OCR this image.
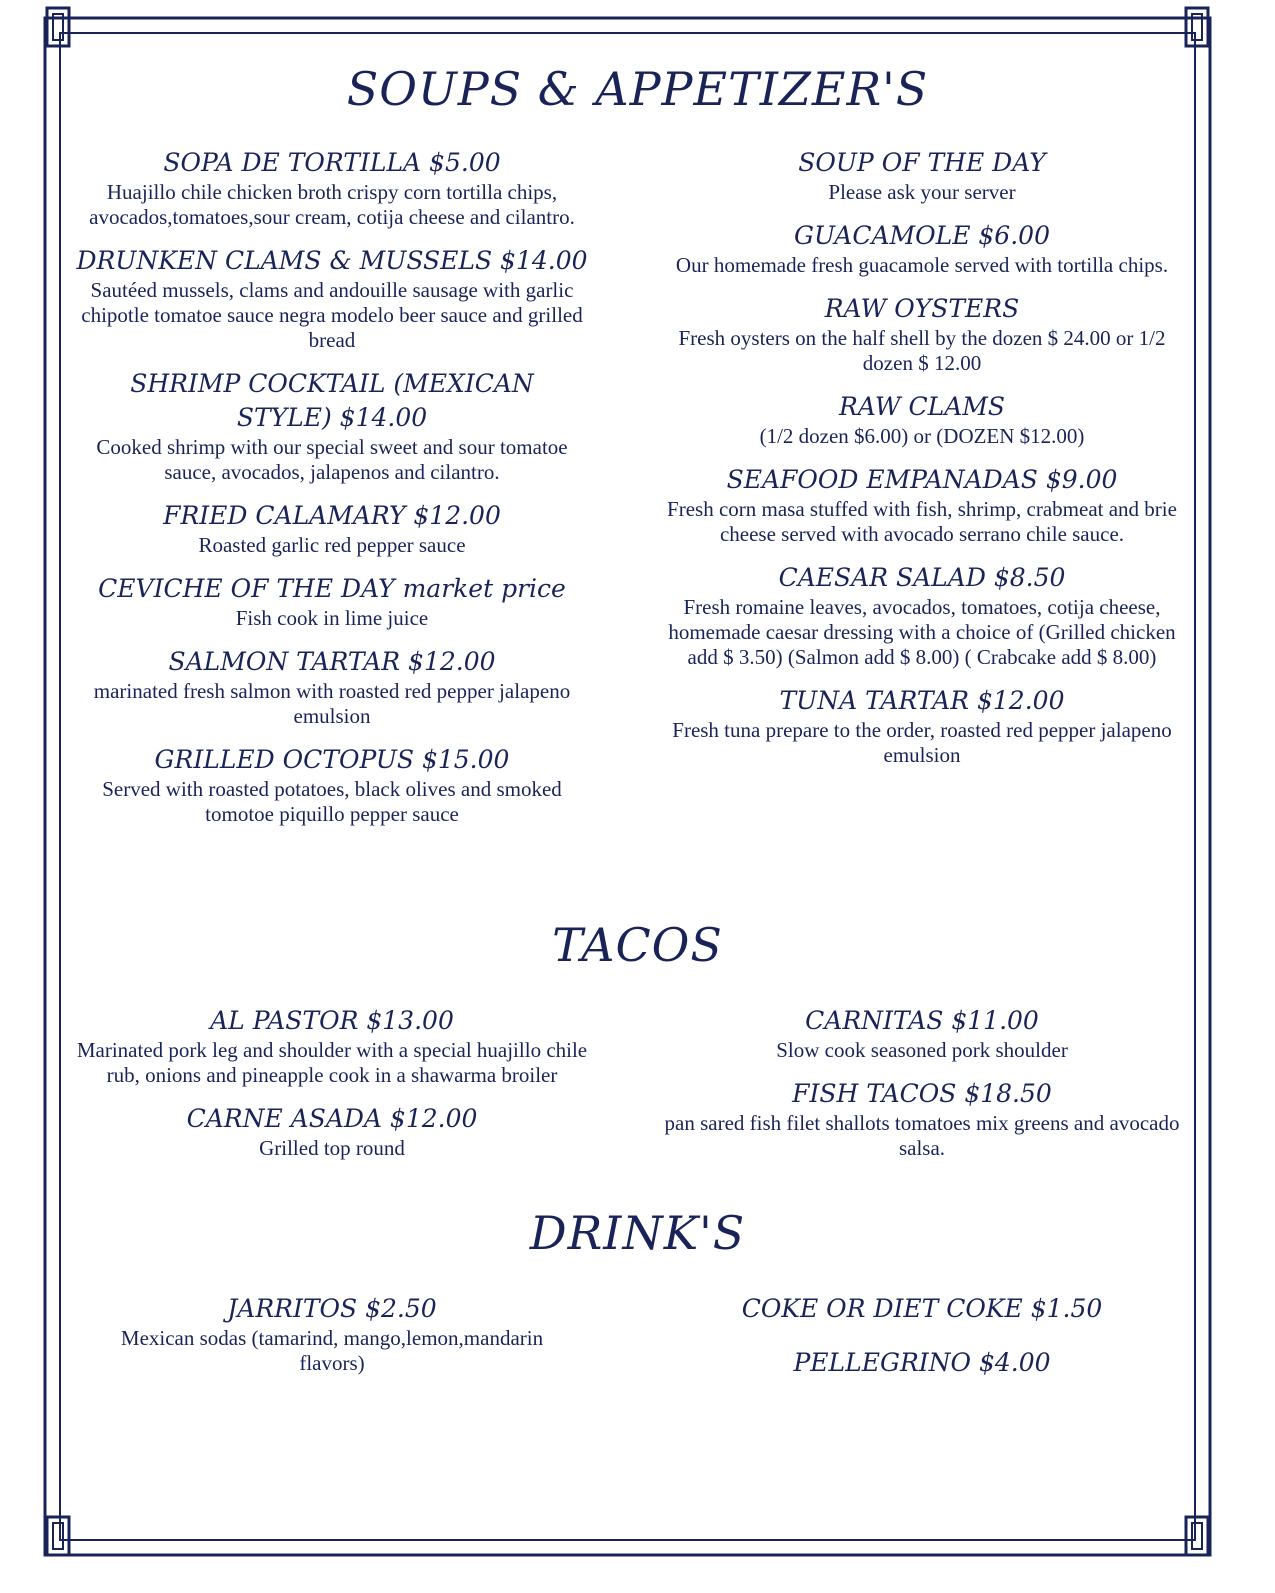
SOUPS & APPETIZER'S

SOPA DE TORTILLA $5.00

Huajillo chile chicken broth crispy corn tortilla chips, avocados,tomatoes,sour cream, cotija cheese and cilantro.

DRUNKEN CLAMS & MUSSELS $14.00

Sautéed mussels, clams and andouille sausage with garlic chipotle tomatoe sauce negra modelo beer sauce and grilled bread

SHRIMP COCKTAIL (MEXICAN STYLE) $14.00

Cooked shrimp with our special sweet and sour tomatoe sauce, avocados, jalapenos and cilantro.

FRIED CALAMARY $12.00

Roasted garlic red pepper sauce

CEVICHE OF THE DAY market price

Fish cook in lime juice

SALMON TARTAR $12.00

marinated fresh salmon with roasted red pepper jalapeno emulsion

GRILLED OCTOPUS $15.00

Served with roasted potatoes, black olives and smoked tomotoe piquillo pepper sauce

SOUP OF THE DAY

Please ask your server

GUACAMOLE $6.00

Our homemade fresh guacamole served with tortilla chips.

RAW OYSTERS

Fresh oysters on the half shell by the dozen $ 24.00 or 1/2 dozen $ 12.00

RAW CLAMS

(1/2 dozen $6.00) or (DOZEN $12.00)

SEAFOOD EMPANADAS $9.00

Fresh corn masa stuffed with fish, shrimp, crabmeat and brie cheese served with avocado serrano chile sauce.

CAESAR SALAD $8.50

Fresh romaine leaves, avocados, tomatoes, cotija cheese, homemade caesar dressing with a choice of (Grilled chicken add $ 3.50) (Salmon add $ 8.00) ( Crabcake add $ 8.00)

TUNA TARTAR $12.00

Fresh tuna prepare to the order, roasted red pepper jalapeno emulsion

TACOS

AL PASTOR $13.00

Marinated pork leg and shoulder with a special huajillo chile rub, onions and pineapple cook in a shawarma broiler

CARNE ASADA $12.00

Grilled top round

CARNITAS $11.00

Slow cook seasoned pork shoulder

FISH TACOS $18.50

pan sared fish filet shallots tomatoes mix greens and avocado salsa.

DRINK'S

JARRITOS $2.50

Mexican sodas (tamarind, mango,lemon,mandarin flavors)

COKE OR DIET COKE $1.50

PELLEGRINO $4.00
